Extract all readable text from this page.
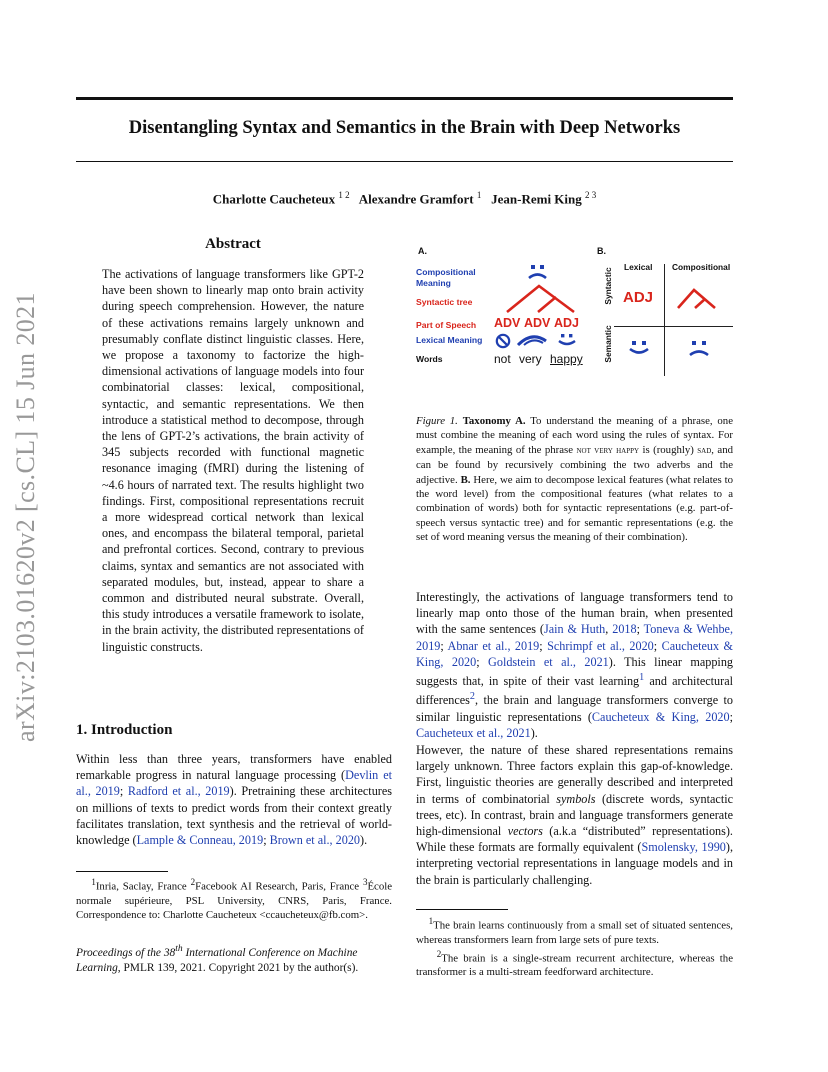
arXiv:2103.01620v2 [cs.CL] 15 Jun 2021
Disentangling Syntax and Semantics in the Brain with Deep Networks
Charlotte Caucheteux $^{1 2}$ Alexandre Gramfort $^1$ Jean-Remi King $^{2 3}$
Abstract
The activations of language transformers like GPT-2 have been shown to linearly map onto brain activity during speech comprehension. However, the nature of these activations remains largely unknown and presumably conflate distinct linguistic classes. Here, we propose a taxonomy to factorize the high-dimensional activations of language models into four combinatorial classes: lexical, compositional, syntactic, and semantic representations. We then introduce a statistical method to decompose, through the lens of GPT-2’s activations, the brain activity of 345 subjects recorded with functional magnetic resonance imaging (fMRI) during the listening of ~4.6 hours of narrated text. The results highlight two findings. First, compositional representations recruit a more widespread cortical network than lexical ones, and encompass the bilateral temporal, parietal and prefrontal cortices. Second, contrary to previous claims, syntax and semantics are not associated with separated modules, but, instead, appear to share a common and distributed neural substrate. Overall, this study introduces a versatile framework to isolate, in the brain activity, the distributed representations of linguistic constructs.
1. Introduction
Within less than three years, transformers have enabled remarkable progress in natural language processing (Devlin et al., 2019; Radford et al., 2019). Pretraining these architectures on millions of texts to predict words from their context greatly facilitates translation, text synthesis and the retrieval of world-knowledge (Lample & Conneau, 2019; Brown et al., 2020).
$^1$Inria, Saclay, France $^2$Facebook AI Research, Paris, France $^3$École normale supérieure, PSL University, CNRS, Paris, France. Correspondence to: Charlotte Caucheteux <ccaucheteux@fb.com>.
Proceedings of the 38th International Conference on Machine Learning, PMLR 139, 2021. Copyright 2021 by the author(s).
A.	B.
Compositional Meaning
Syntactic tree
Part of Speech
Lexical Meaning
Words
ADV ADV ADJ
not very happy
Lexical Compositional
Syntactic
Semantic
ADJ
Figure 1. Taxonomy A. To understand the meaning of a phrase, one must combine the meaning of each word using the rules of syntax. For example, the meaning of the phrase not very happy is (roughly) sad, and can be found by recursively combining the two adverbs and the adjective. B. Here, we aim to decompose lexical features (what relates to the word level) from the compositional features (what relates to a combination of words) both for syntactic representations (e.g. part-of-speech versus syntactic tree) and for semantic representations (e.g. the set of word meaning versus the meaning of their combination).
Interestingly, the activations of language transformers tend to linearly map onto those of the human brain, when presented with the same sentences (Jain & Huth, 2018; Toneva & Wehbe, 2019; Abnar et al., 2019; Schrimpf et al., 2020; Caucheteux & King, 2020; Goldstein et al., 2021). This linear mapping suggests that, in spite of their vast learning$^1$ and architectural differences$^2$, the brain and language transformers converge to similar linguistic representations (Caucheteux & King, 2020; Caucheteux et al., 2021).
However, the nature of these shared representations remains largely unknown. Three factors explain this gap-of-knowledge. First, linguistic theories are generally described and interpreted in terms of combinatorial symbols (discrete words, syntactic trees, etc). In contrast, brain and language transformers generate high-dimensional vectors (a.k.a “distributed” representations). While these formats are formally equivalent (Smolensky, 1990), interpreting vectorial representations in language models and in the brain is particularly challenging.
$^1$The brain learns continuously from a small set of situated sentences, whereas transformers learn from large sets of pure texts.
$^2$The brain is a single-stream recurrent architecture, whereas the transformer is a multi-stream feedforward architecture.
